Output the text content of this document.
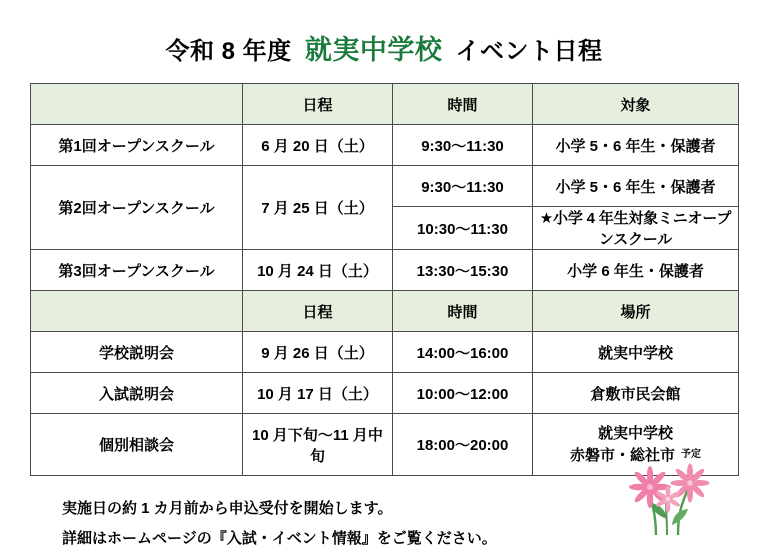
令和 8 年度 就実中学校 イベント日程
	日程	時間	対象
第1回オープンスクール	6 月 20 日（土）	9:30～11:30	小学 5・6 年生・保護者
第2回オープンスクール	7 月 25 日（土）	9:30～11:30	小学 5・6 年生・保護者
		10:30～11:30	★小学 4 年生対象ミニオープンスクール
第3回オープンスクール	10 月 24 日（土）	13:30～15:30	小学 6 年生・保護者
	日程	時間	場所
学校説明会	9 月 26 日（土）	14:00～16:00	就実中学校
入試説明会	10 月 17 日（土）	10:00～12:00	倉敷市民会館
個別相談会	10 月下旬～11 月中旬	18:00～20:00	就実中学校
赤磐市・総社市 予定
実施日の約 1 カ月前から申込受付を開始します。
詳細はホームページの『入試・イベント情報』をご覧ください。
